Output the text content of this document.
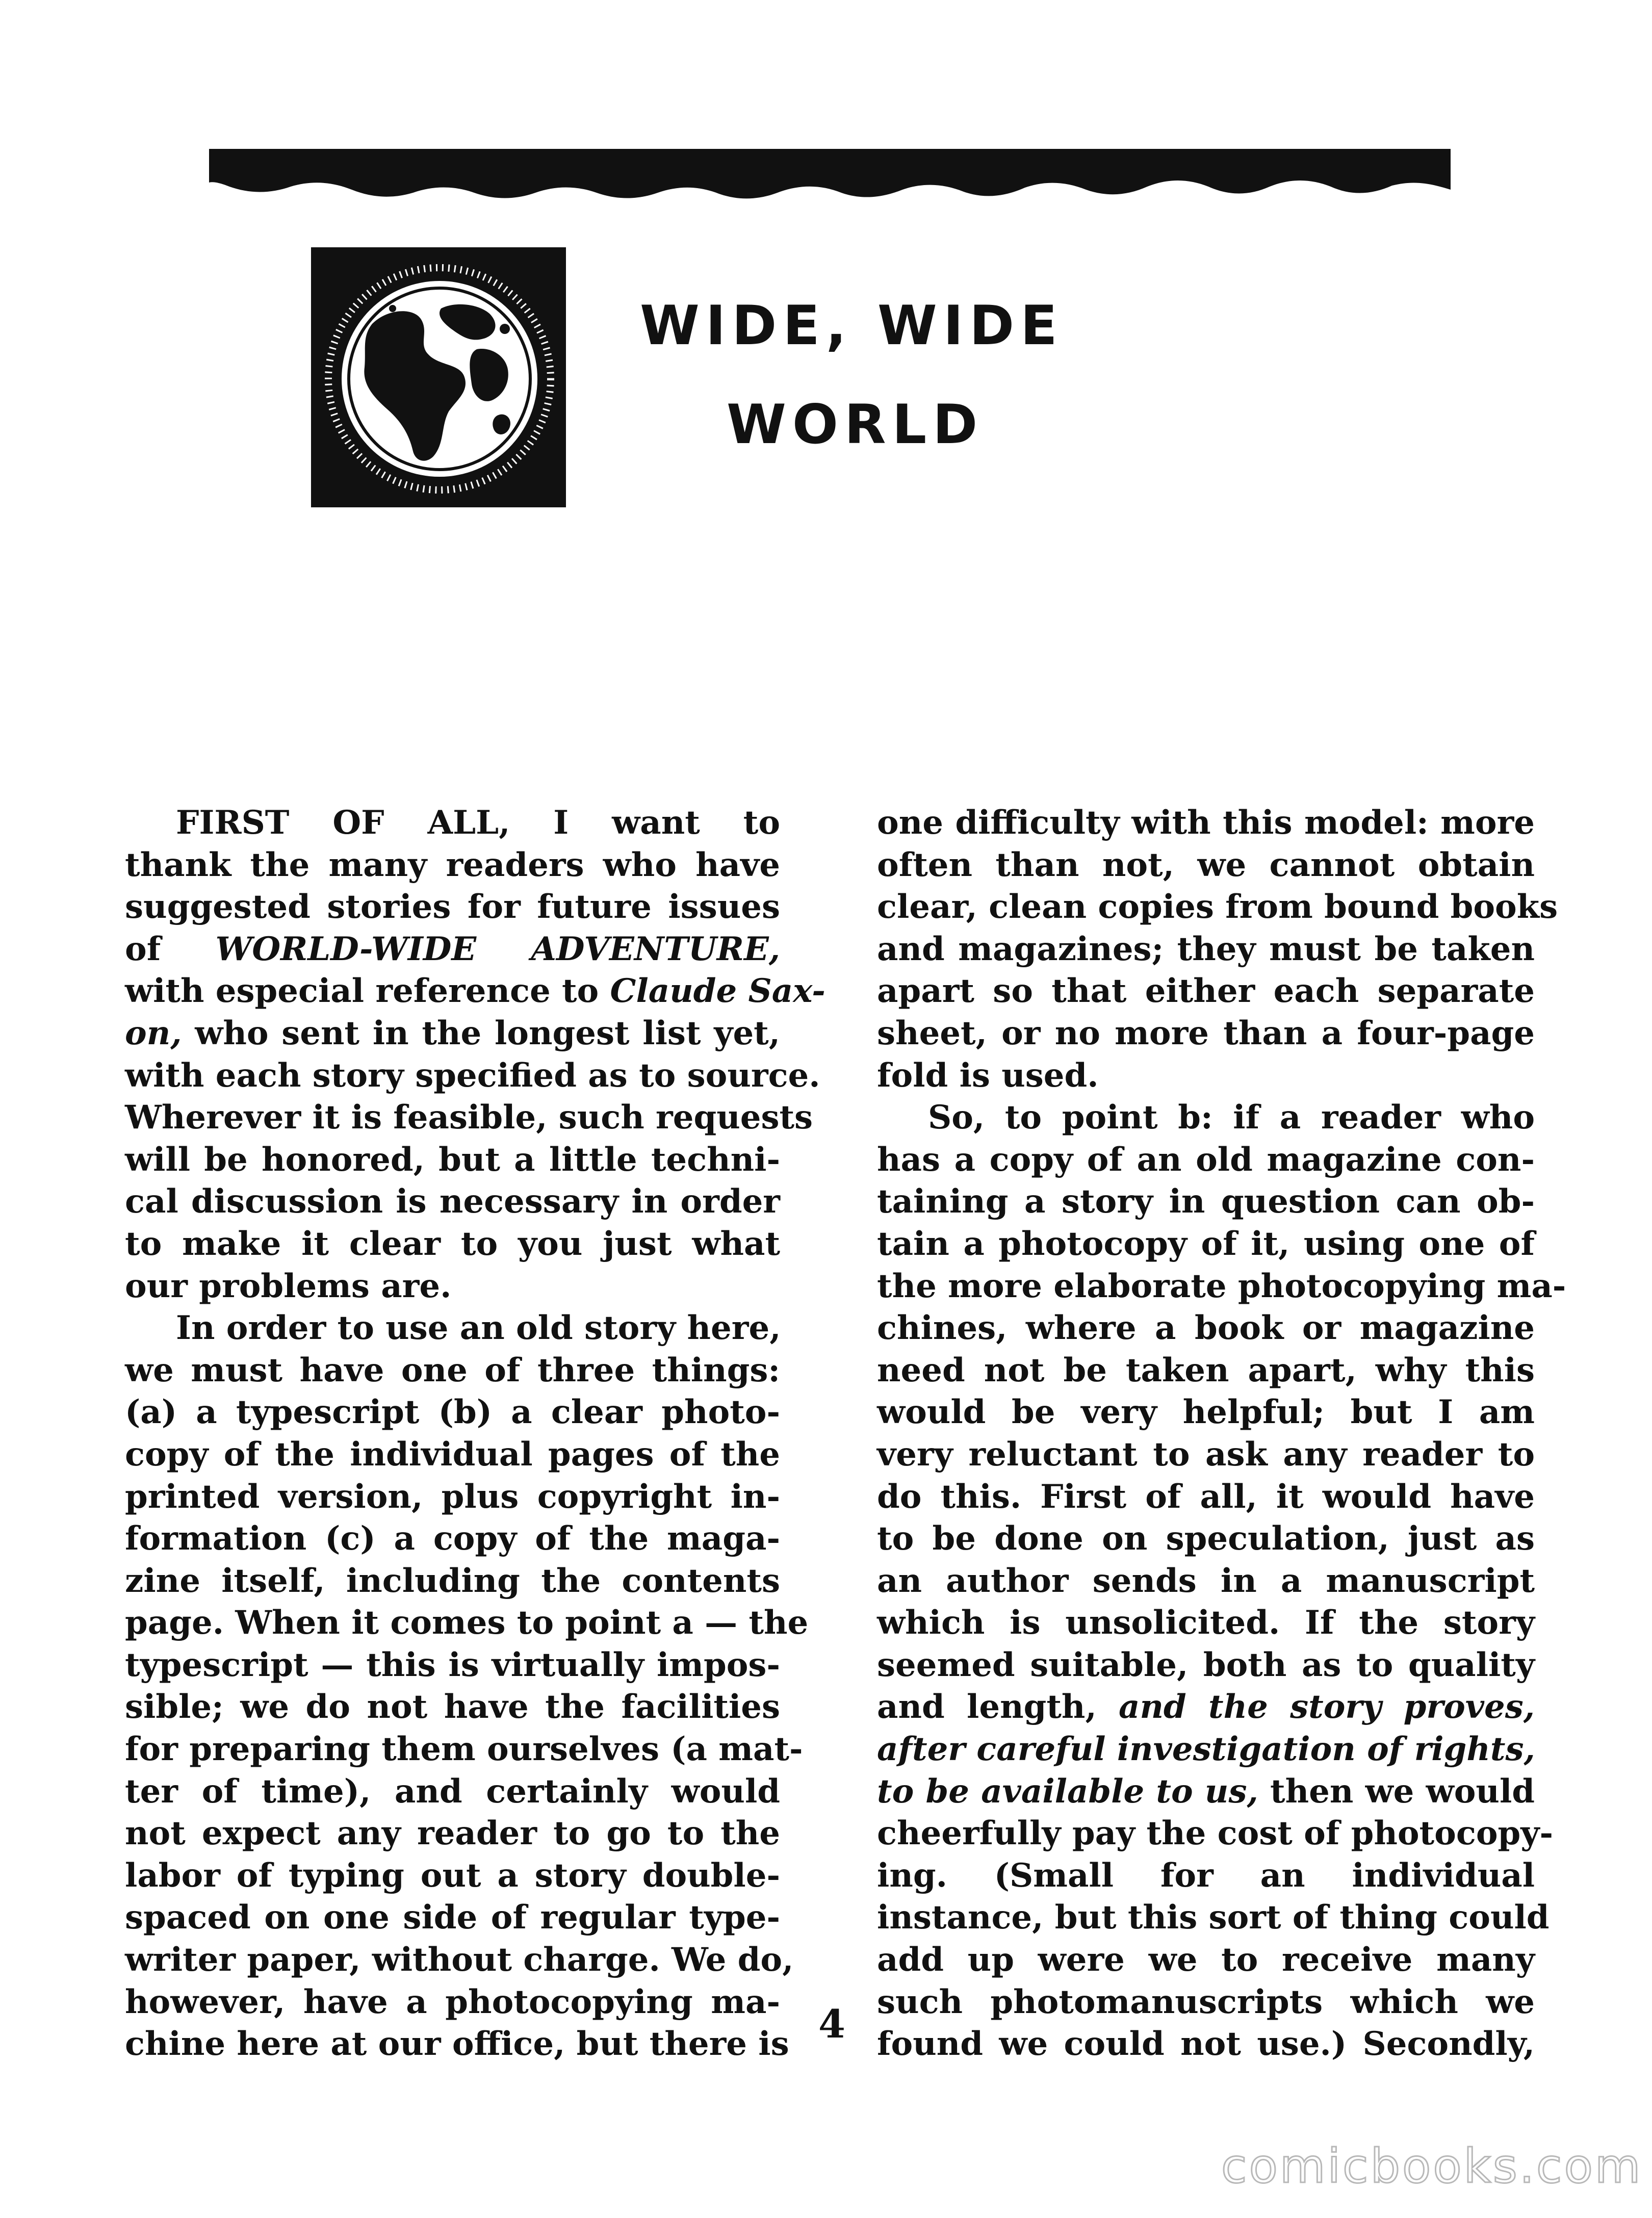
WIDE, WIDE
WORLD
FIRST OF ALL, I want to
thank the many readers who have
suggested stories for future issues
of WORLD-WIDE ADVENTURE,
with especial reference to Claude Sax-
on, who sent in the longest list yet,
with each story specified as to source.
Wherever it is feasible, such requests
will be honored, but a little techni-
cal discussion is necessary in order
to make it clear to you just what
our problems are.
In order to use an old story here,
we must have one of three things:
(a) a typescript (b) a clear photo-
copy of the individual pages of the
printed version, plus copyright in-
formation (c) a copy of the maga-
zine itself, including the contents
page. When it comes to point a — the
typescript — this is virtually impos-
sible; we do not have the facilities
for preparing them ourselves (a mat-
ter of time), and certainly would
not expect any reader to go to the
labor of typing out a story double-
spaced on one side of regular type-
writer paper, without charge. We do,
however, have a photocopying ma-
chine here at our office, but there is
one difficulty with this model: more
often than not, we cannot obtain
clear, clean copies from bound books
and magazines; they must be taken
apart so that either each separate
sheet, or no more than a four-page
fold is used.
So, to point b: if a reader who
has a copy of an old magazine con-
taining a story in question can ob-
tain a photocopy of it, using one of
the more elaborate photocopying ma-
chines, where a book or magazine
need not be taken apart, why this
would be very helpful; but I am
very reluctant to ask any reader to
do this. First of all, it would have
to be done on speculation, just as
an author sends in a manuscript
which is unsolicited. If the story
seemed suitable, both as to quality
and length, and the story proves,
after careful investigation of rights,
to be available to us, then we would
cheerfully pay the cost of photocopy-
ing. (Small for an individual
instance, but this sort of thing could
add up were we to receive many
such photomanuscripts which we
found we could not use.) Secondly,
4
comicbooks.com
